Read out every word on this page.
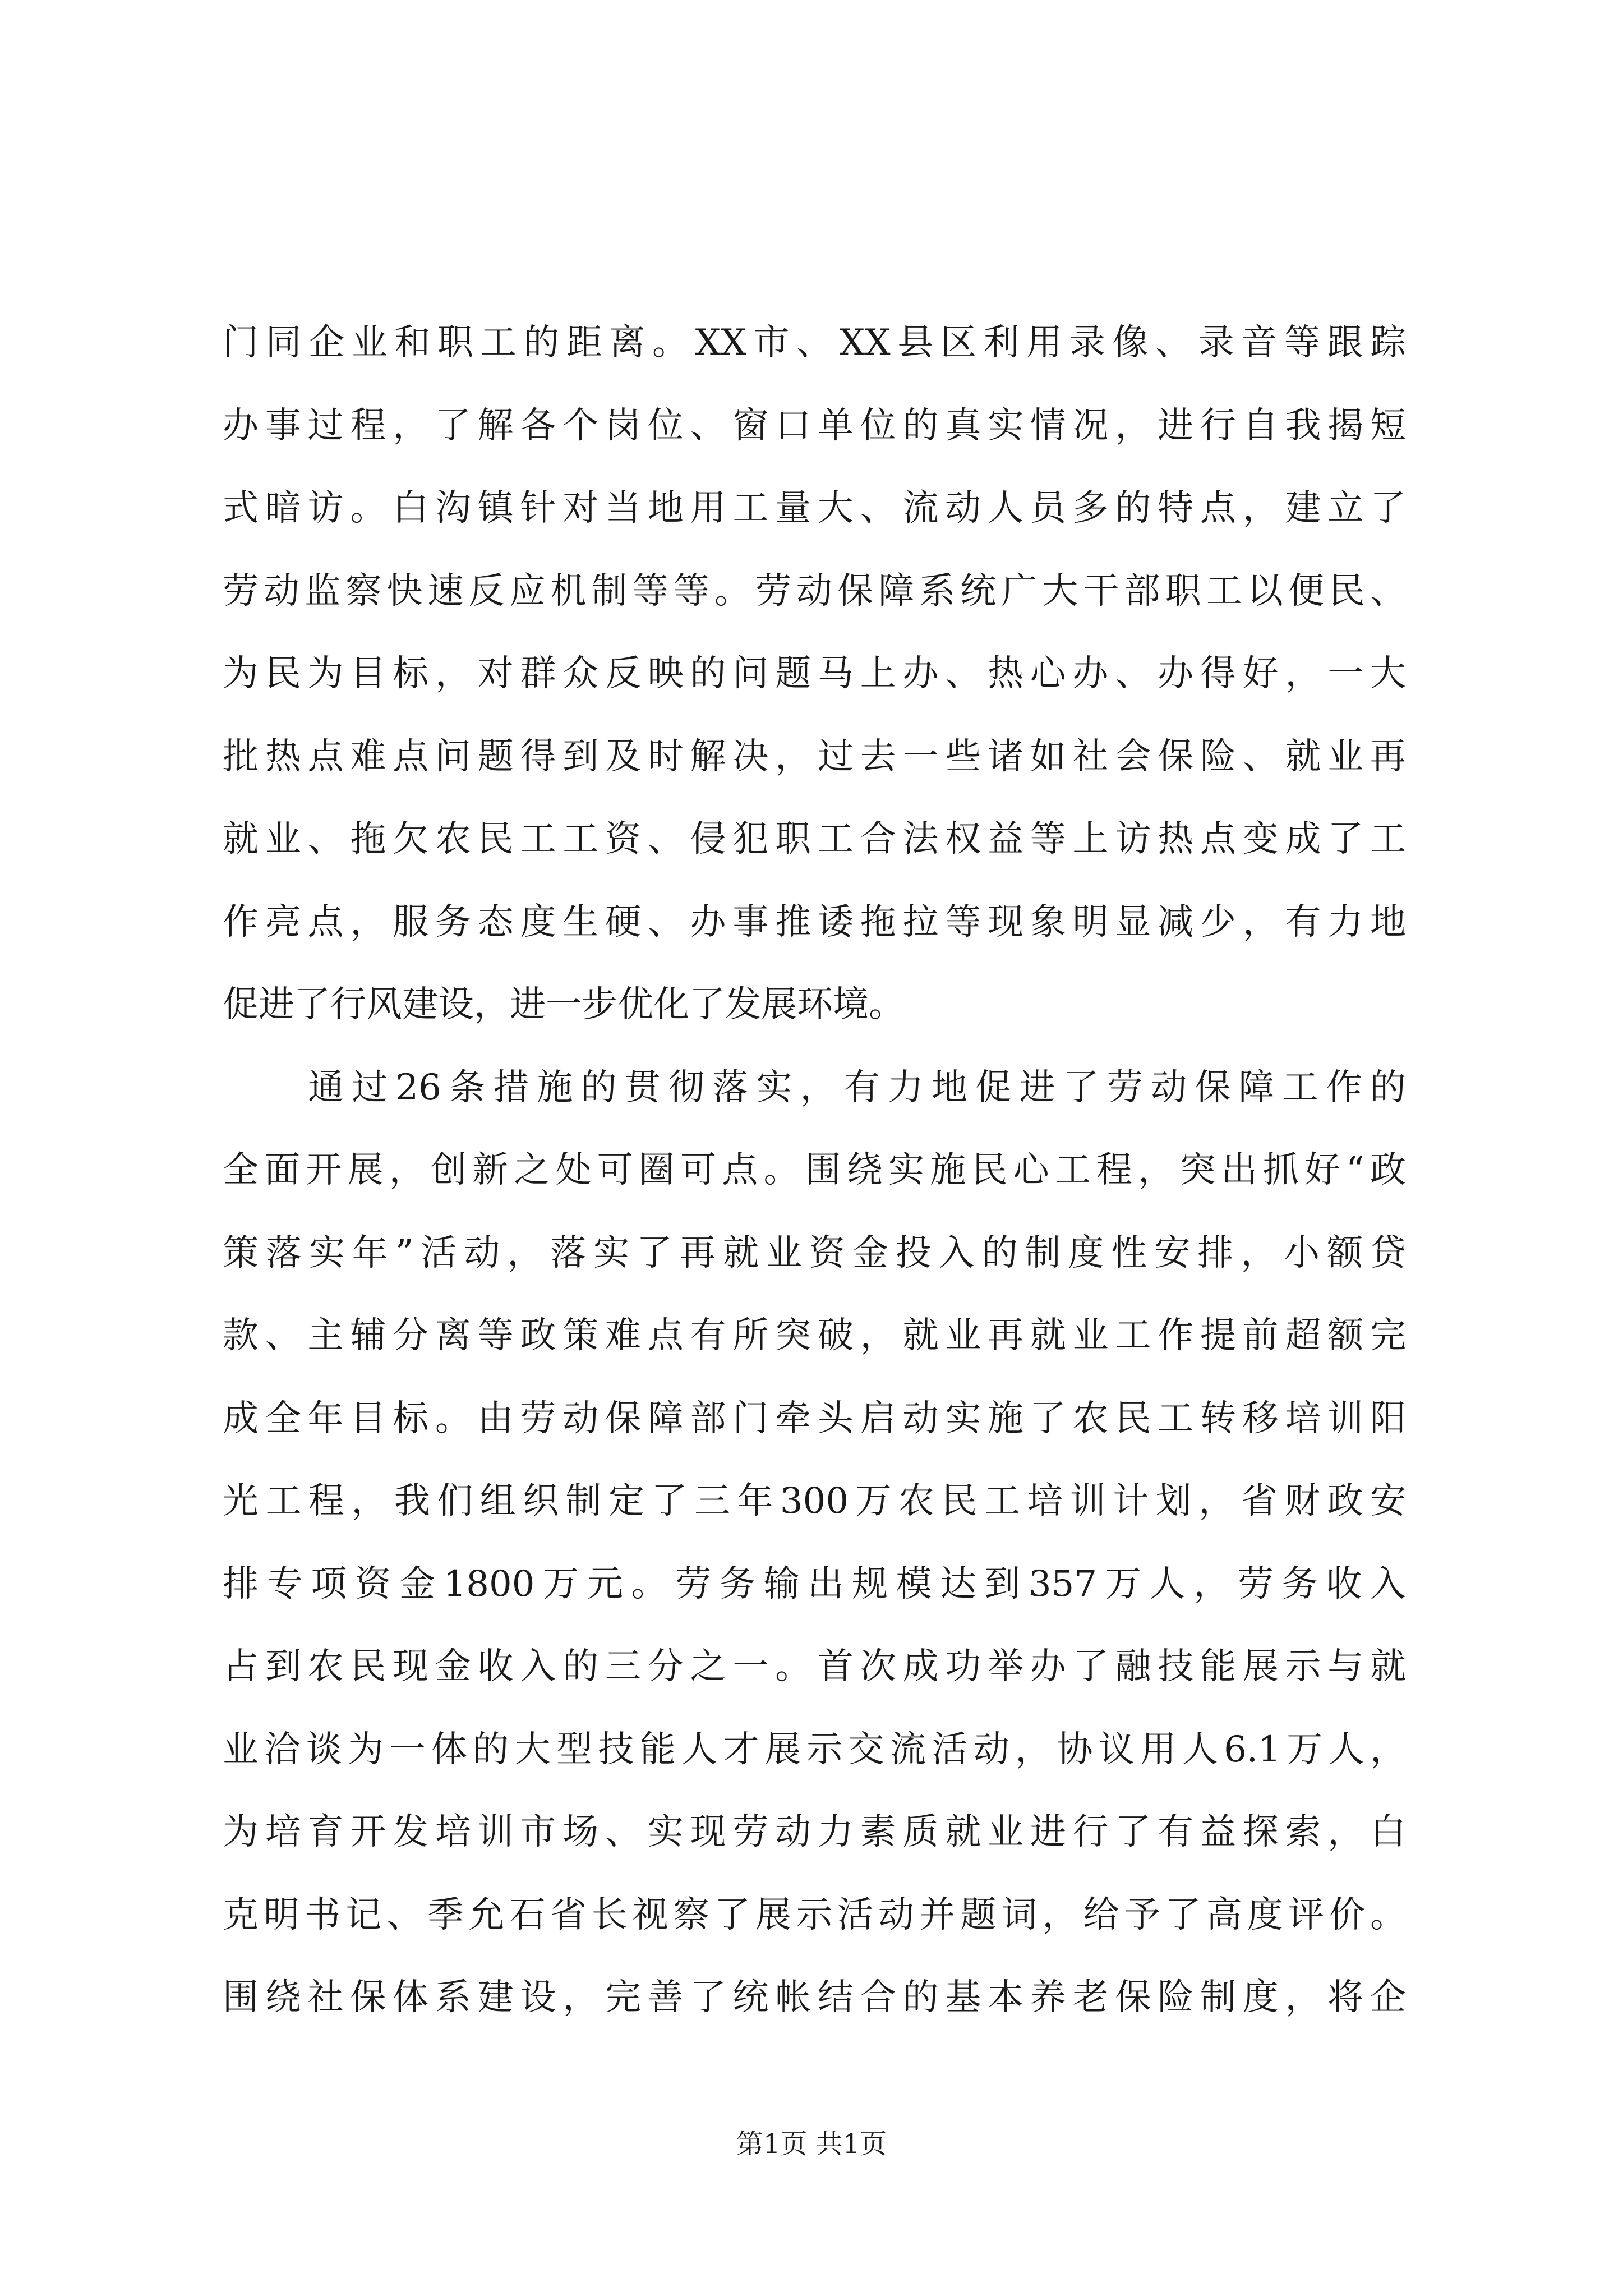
门同企业和职工的距离。XX市、XX县区利用录像、录音等跟踪
办事过程，了解各个岗位、窗口单位的真实情况，进行自我揭短
式暗访。白沟镇针对当地用工量大、流动人员多的特点，建立了
劳动监察快速反应机制等等。劳动保障系统广大干部职工以便民、
为民为目标，对群众反映的问题马上办、热心办、办得好，一大
批热点难点问题得到及时解决，过去一些诸如社会保险、就业再
就业、拖欠农民工工资、侵犯职工合法权益等上访热点变成了工
作亮点，服务态度生硬、办事推诿拖拉等现象明显减少，有力地
促进了行风建设，进一步优化了发展环境。
通过26条措施的贯彻落实，有力地促进了劳动保障工作的
全面开展，创新之处可圈可点。围绕实施民心工程，突出抓好“政
策落实年”活动，落实了再就业资金投入的制度性安排，小额贷
款、主辅分离等政策难点有所突破，就业再就业工作提前超额完
成全年目标。由劳动保障部门牵头启动实施了农民工转移培训阳
光工程，我们组织制定了三年300万农民工培训计划，省财政安
排专项资金1800万元。劳务输出规模达到357万人，劳务收入
占到农民现金收入的三分之一。首次成功举办了融技能展示与就
业洽谈为一体的大型技能人才展示交流活动，协议用人6.1万人，
为培育开发培训市场、实现劳动力素质就业进行了有益探索，白
克明书记、季允石省长视察了展示活动并题词，给予了高度评价。
围绕社保体系建设，完善了统帐结合的基本养老保险制度，将企
第1页 共1页
